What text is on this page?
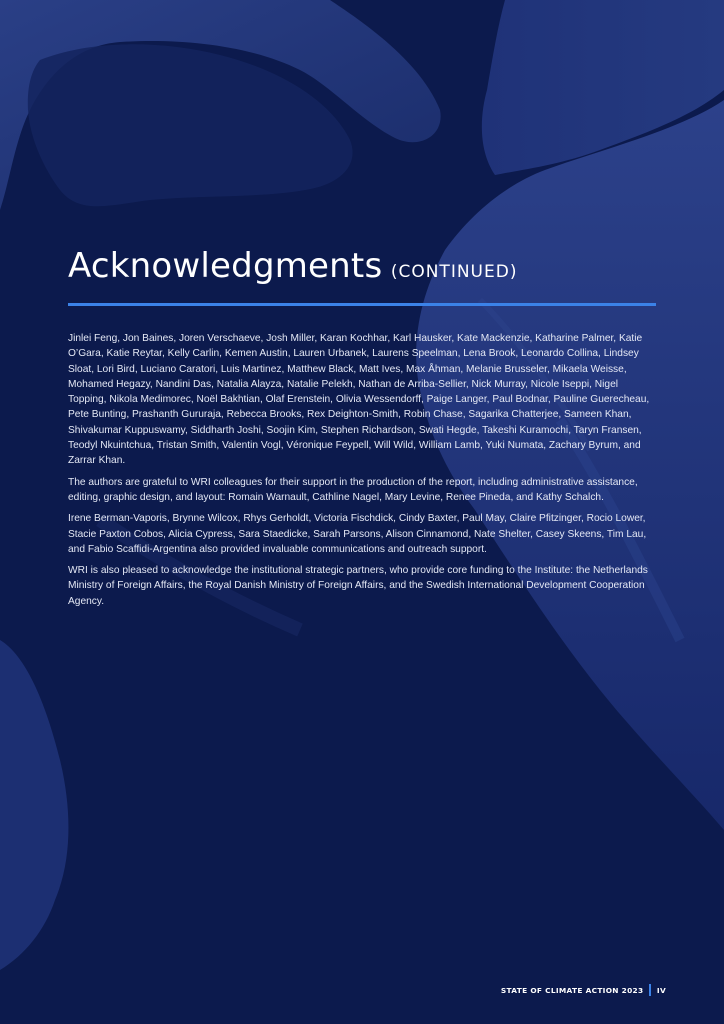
Acknowledgments (CONTINUED)

Jinlei Feng, Jon Baines, Joren Verschaeve, Josh Miller, Karan Kochhar, Karl Hausker, Kate Mackenzie, Katharine Palmer, Katie O’Gara, Katie Reytar, Kelly Carlin, Kemen Austin, Lauren Urbanek, Laurens Speelman, Lena Brook, Leonardo Collina, Lindsey Sloat, Lori Bird, Luciano Caratori, Luis Martinez, Matthew Black, Matt Ives, Max Åhman, Melanie Brusseler, Mikaela Weisse, Mohamed Hegazy, Nandini Das, Natalia Alayza, Natalie Pelekh, Nathan de Arriba-Sellier, Nick Murray, Nicole Iseppi, Nigel Topping, Nikola Medimorec, Noël Bakhtian, Olaf Erenstein, Olivia Wessendorff, Paige Langer, Paul Bodnar, Pauline Guerecheau, Pete Bunting, Prashanth Gururaja, Rebecca Brooks, Rex Deighton-Smith, Robin Chase, Sagarika Chatterjee, Sameen Khan, Shivakumar Kuppuswamy, Siddharth Joshi, Soojin Kim, Stephen Richardson, Swati Hegde, Takeshi Kuramochi, Taryn Fransen, Teodyl Nkuintchua, Tristan Smith, Valentin Vogl, Véronique Feypell, Will Wild, William Lamb, Yuki Numata, Zachary Byrum, and Zarrar Khan.

The authors are grateful to WRI colleagues for their support in the production of the report, including administrative assistance, editing, graphic design, and layout: Romain Warnault, Cathline Nagel, Mary Levine, Renee Pineda, and Kathy Schalch.

Irene Berman-Vaporis, Brynne Wilcox, Rhys Gerholdt, Victoria Fischdick, Cindy Baxter, Paul May, Claire Pfitzinger, Rocio Lower, Stacie Paxton Cobos, Alicia Cypress, Sara Staedicke, Sarah Parsons, Alison Cinnamond, Nate Shelter, Casey Skeens, Tim Lau, and Fabio Scaffidi-Argentina also provided invaluable communications and outreach support.

WRI is also pleased to acknowledge the institutional strategic partners, who provide core funding to the Institute: the Netherlands Ministry of Foreign Affairs, the Royal Danish Ministry of Foreign Affairs, and the Swedish International Development Cooperation Agency.

STATE OF CLIMATE ACTION 2023 IV
